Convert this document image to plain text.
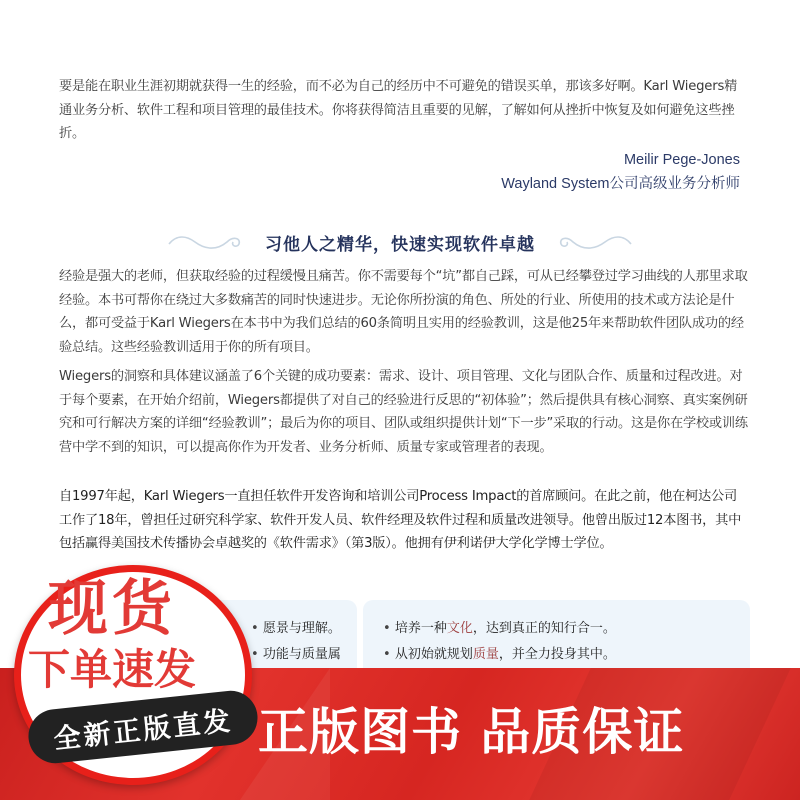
要是能在职业生涯初期就获得一生的经验，而不必为自己的经历中不可避免的错误买单，那该多好啊。Karl Wiegers精通业务分析、软件工程和项目管理的最佳技术。你将获得简洁且重要的见解，了解如何从挫折中恢复及如何避免这些挫折。

Meilir Pege-Jones
Wayland System公司高级业务分析师
习他人之精华，快速实现软件卓越

经验是强大的老师，但获取经验的过程缓慢且痛苦。你不需要每个“坑”都自己踩，可从已经攀登过学习曲线的人那里求取经验。本书可帮你在绕过大多数痛苦的同时快速进步。无论你所扮演的角色、所处的行业、所使用的技术或方法论是什么，都可受益于Karl Wiegers在本书中为我们总结的60条简明且实用的经验教训，这是他25年来帮助软件团队成功的经验总结。这些经验教训适用于你的所有项目。

Wiegers的洞察和具体建议涵盖了6个关键的成功要素：需求、设计、项目管理、文化与团队合作、质量和过程改进。对于每个要素，在开始介绍前，Wiegers都提供了对自己的经验进行反思的“初体验”；然后提供具有核心洞察、真实案例研究和可行解决方案的详细“经验教训”；最后为你的项目、团队或组织提供计划“下一步”采取的行动。这是你在学校或训练营中学不到的知识，可以提高你作为开发者、业务分析师、质量专家或管理者的表现。

自1997年起，Karl Wiegers一直担任软件开发咨询和培训公司Process Impact的首席顾问。在此之前，他在柯达公司工作了18年，曾担任过研究科学家、软件开发人员、软件经理及软件过程和质量改进领导。他曾出版过12本图书，其中包括赢得美国技术传播协会卓越奖的《软件需求》（第3版）。他拥有伊利诺伊大学化学博士学位。

• 愿景与理解。
• 功能与质量属
• 培养一种文化，达到真正的知行合一。
• 从初始就规划质量，并全力投身其中。
正版图书 品质保证
现货
下单速发
全新正版直发
